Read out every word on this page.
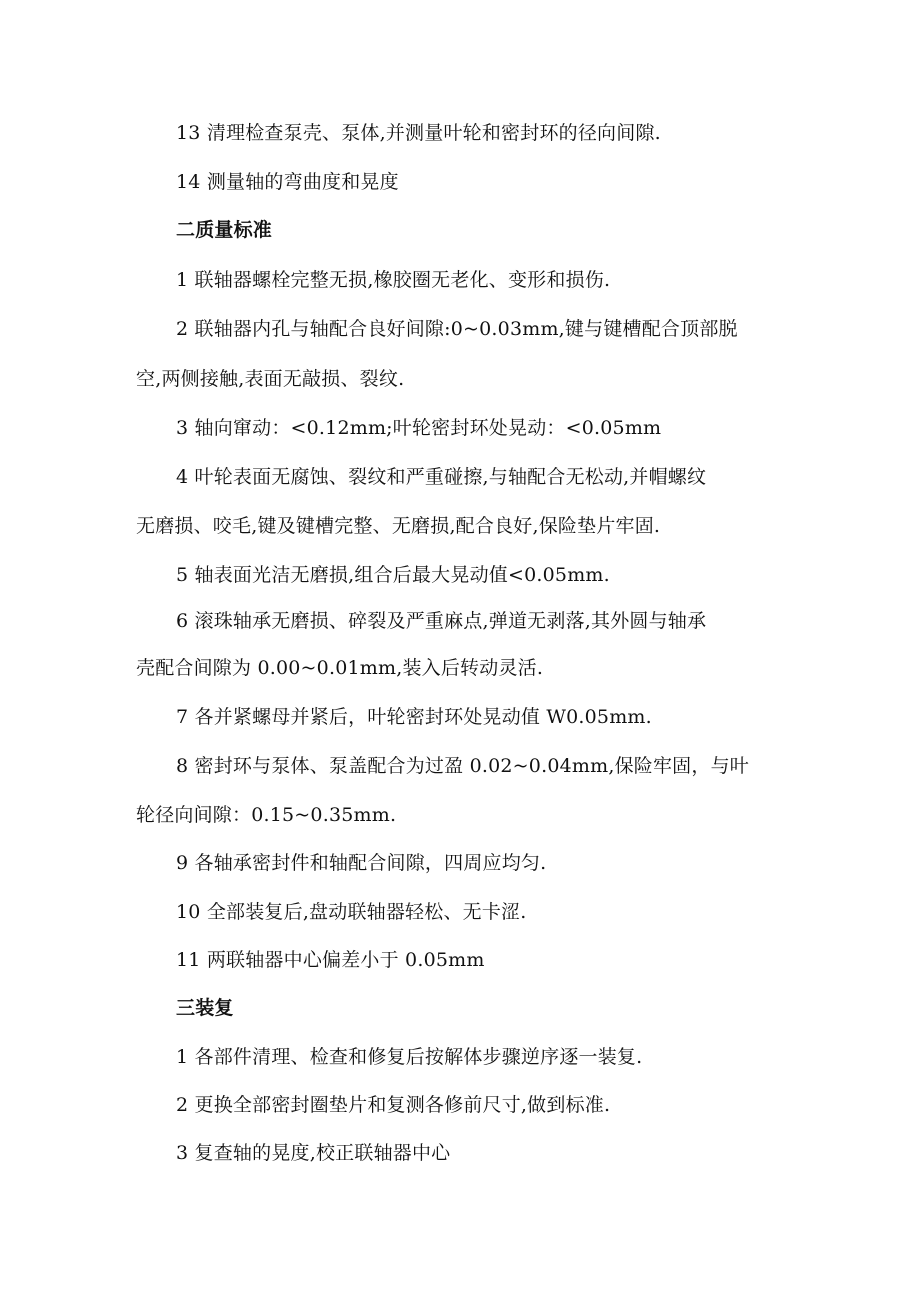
13 清理检查泵壳、泵体,并测量叶轮和密封环的径向间隙.
14 测量轴的弯曲度和晃度
二质量标准
1 联轴器螺栓完整无损,橡胶圈无老化、变形和损伤.
2 联轴器内孔与轴配合良好间隙:0~0.03mm,键与键槽配合顶部脱
空,两侧接触,表面无敲损、裂纹.
3 轴向窜动：<0.12mm;叶轮密封环处晃动：<0.05mm
4 叶轮表面无腐蚀、裂纹和严重碰擦,与轴配合无松动,并帽螺纹
无磨损、咬毛,键及键槽完整、无磨损,配合良好,保险垫片牢固.
5 轴表面光洁无磨损,组合后最大晃动值<0.05mm.
6 滚珠轴承无磨损、碎裂及严重麻点,弹道无剥落,其外圆与轴承
壳配合间隙为 0.00~0.01mm,装入后转动灵活.
7 各并紧螺母并紧后，叶轮密封环处晃动值 W0.05mm.
8 密封环与泵体、泵盖配合为过盈 0.02~0.04mm,保险牢固，与叶
轮径向间隙：0.15~0.35mm.
9 各轴承密封件和轴配合间隙，四周应均匀.
10 全部装复后,盘动联轴器轻松、无卡涩.
11 两联轴器中心偏差小于 0.05mm
三装复
1 各部件清理、检查和修复后按解体步骤逆序逐一装复.
2 更换全部密封圈垫片和复测各修前尺寸,做到标准.
3 复查轴的晃度,校正联轴器中心
